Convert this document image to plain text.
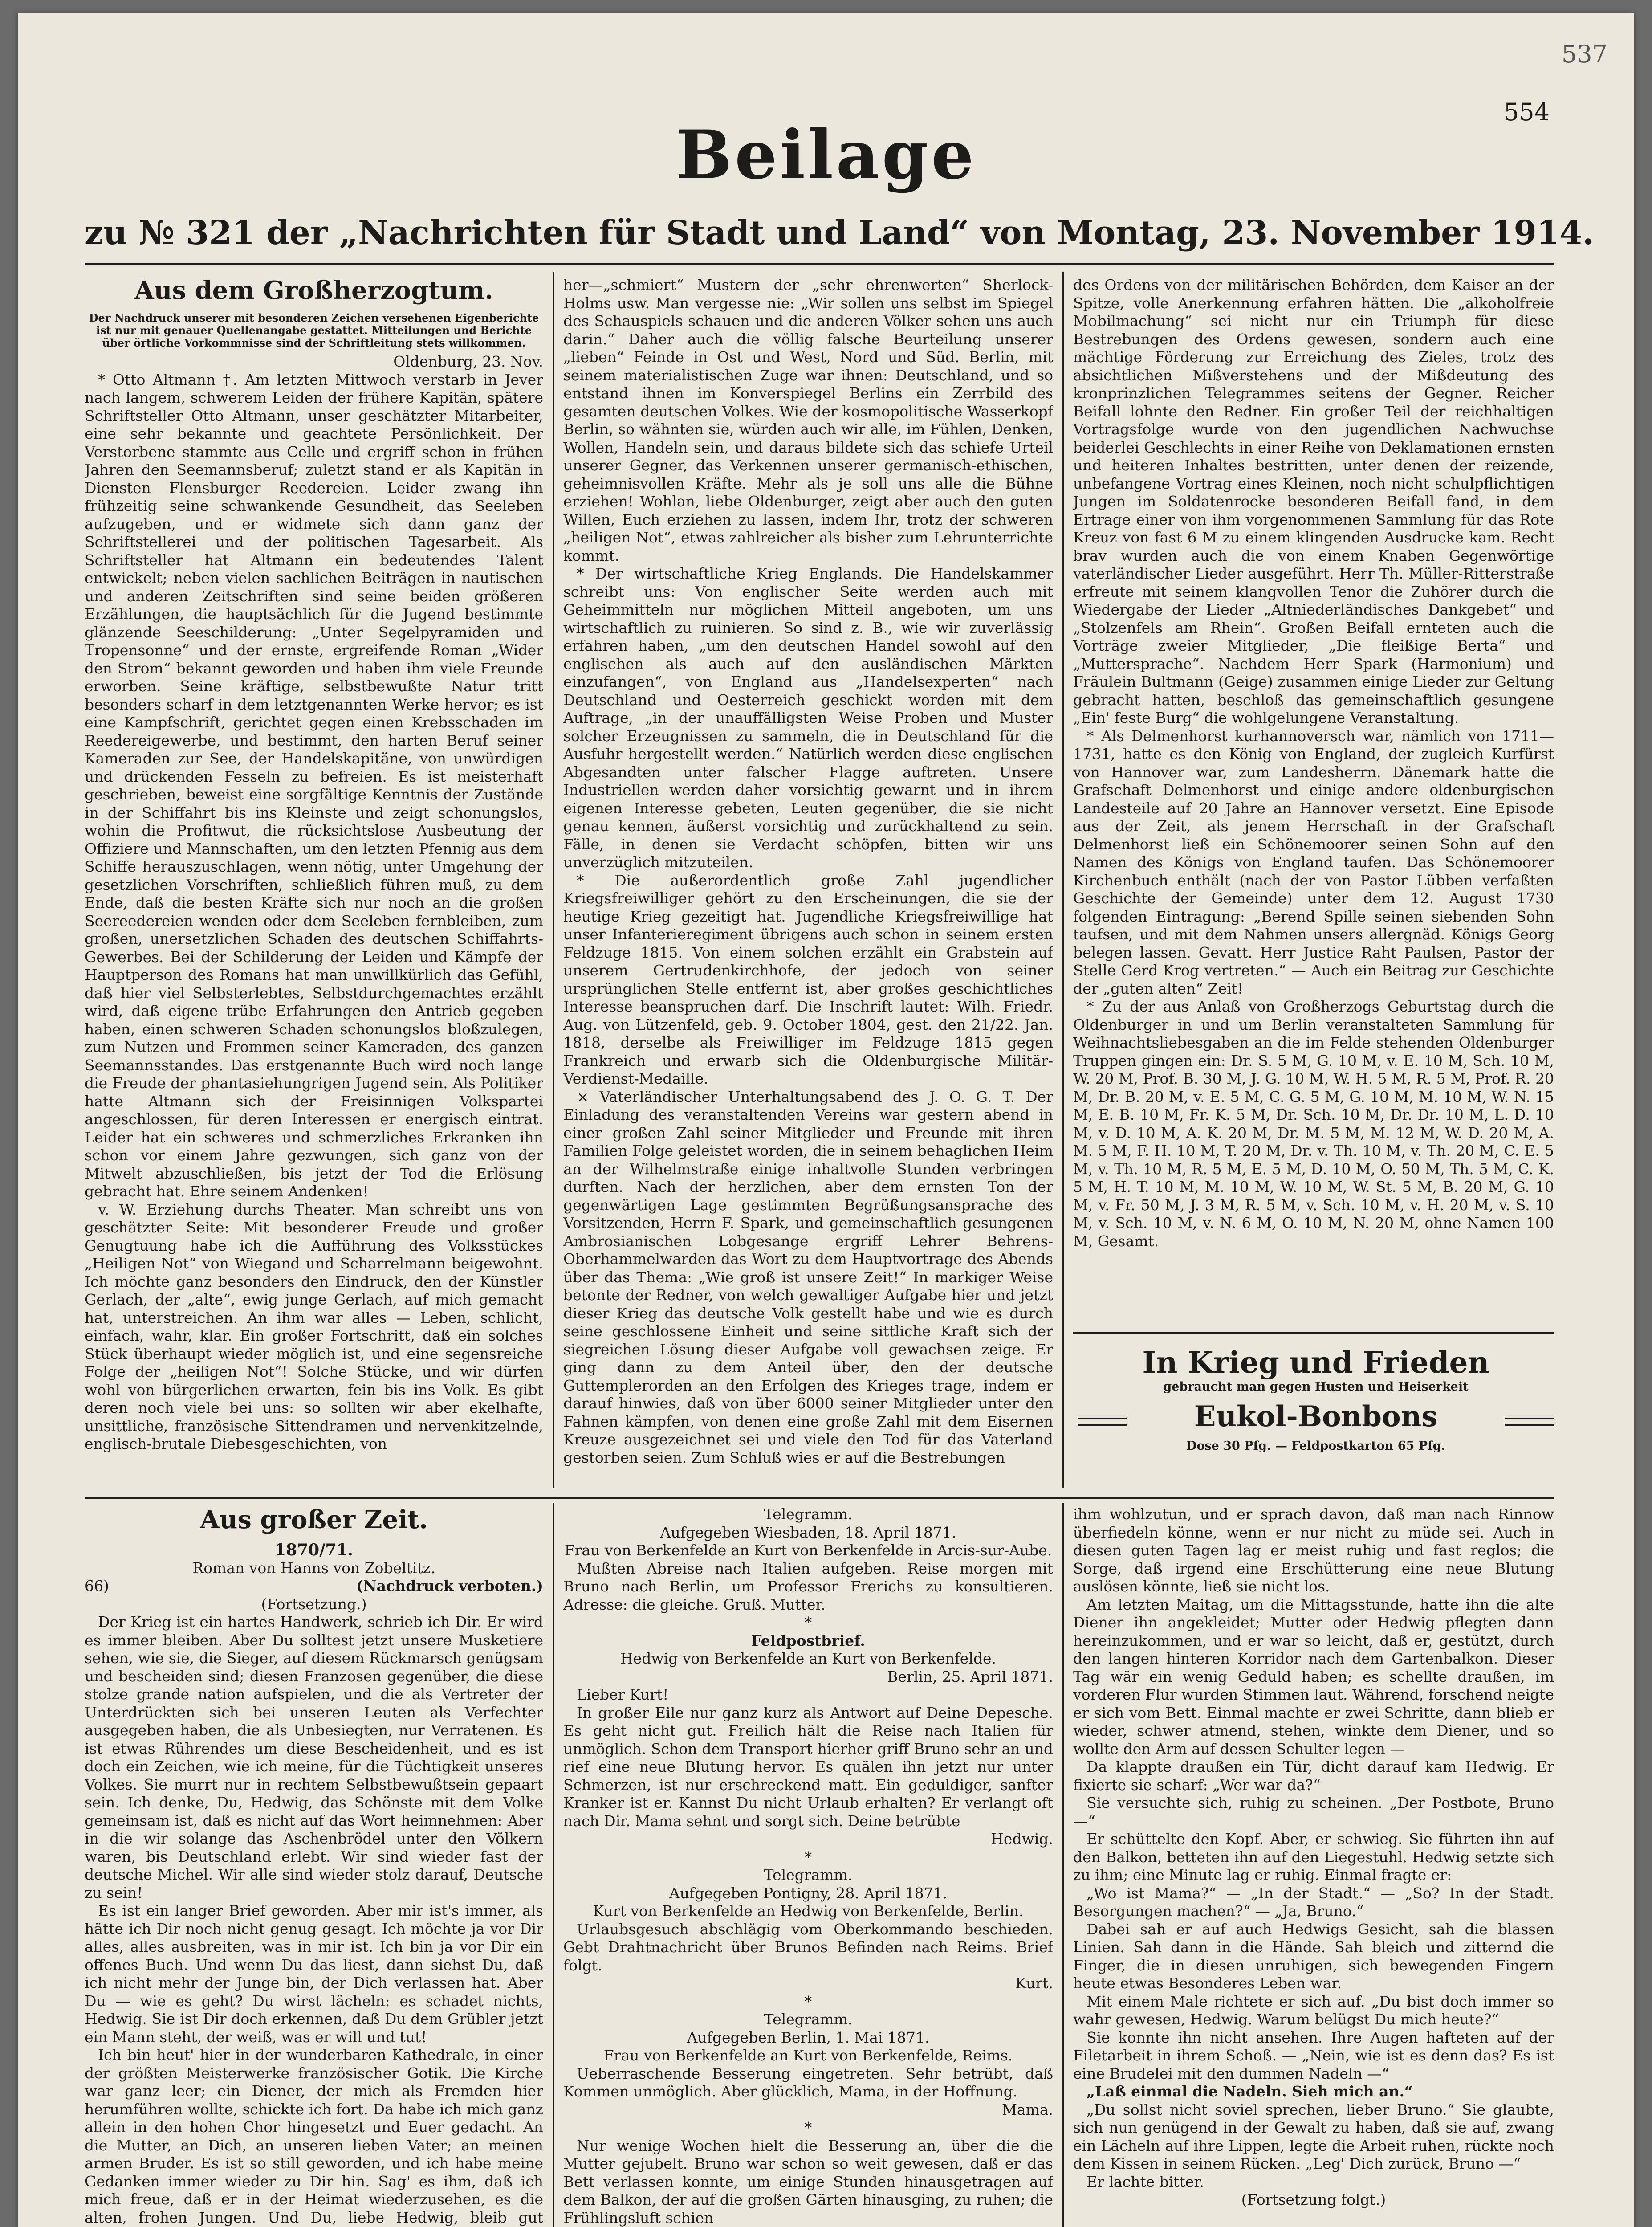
537
554
Beilage
zu № 321 der „Nachrichten für Stadt und Land“ von Montag, 23. November 1914.
Aus dem Großherzogtum.
Der Nachdruck unserer mit besonderen Zeichen versehenen Eigenberichte ist nur mit genauer Quellenangabe gestattet. Mitteilungen und Berichte über örtliche Vorkommnisse sind der Schriftleitung stets willkommen.
Oldenburg, 23. Nov.

* Otto Altmann †. Am letzten Mittwoch verstarb in Jever nach langem, schwerem Leiden der frühere Kapitän, spätere Schriftsteller Otto Altmann, unser geschätzter Mitarbeiter, eine sehr bekannte und geachtete Persönlichkeit. Der Verstorbene stammte aus Celle und ergriff schon in frühen Jahren den Seemannsberuf; zuletzt stand er als Kapitän in Diensten Flensburger Reedereien. Leider zwang ihn frühzeitig seine schwankende Gesundheit, das Seeleben aufzugeben, und er widmete sich dann ganz der Schriftstellerei und der politischen Tagesarbeit. Als Schriftsteller hat Altmann ein bedeutendes Talent entwickelt; neben vielen sachlichen Beiträgen in nautischen und anderen Zeitschriften sind seine beiden größeren Erzählungen, die hauptsächlich für die Jugend bestimmte glänzende Seeschilderung: „Unter Segelpyramiden und Tropensonne“ und der ernste, ergreifende Roman „Wider den Strom“ bekannt geworden und haben ihm viele Freunde erworben. Seine kräftige, selbstbewußte Natur tritt besonders scharf in dem letztgenannten Werke hervor; es ist eine Kampfschrift, gerichtet gegen einen Krebsschaden im Reedereigewerbe, und bestimmt, den harten Beruf seiner Kameraden zur See, der Handelskapitäne, von unwürdigen und drückenden Fesseln zu befreien. Es ist meisterhaft geschrieben, beweist eine sorgfältige Kenntnis der Zustände in der Schiffahrt bis ins Kleinste und zeigt schonungslos, wohin die Profitwut, die rücksichtslose Ausbeutung der Offiziere und Mannschaften, um den letzten Pfennig aus dem Schiffe herauszuschlagen, wenn nötig, unter Umgehung der gesetzlichen Vorschriften, schließlich führen muß, zu dem Ende, daß die besten Kräfte sich nur noch an die großen Seereedereien wenden oder dem Seeleben fernbleiben, zum großen, unersetzlichen Schaden des deutschen Schiffahrts-Gewerbes. Bei der Schilderung der Leiden und Kämpfe der Hauptperson des Romans hat man unwillkürlich das Gefühl, daß hier viel Selbsterlebtes, Selbstdurchgemachtes erzählt wird, daß eigene trübe Erfahrungen den Antrieb gegeben haben, einen schweren Schaden schonungslos bloßzulegen, zum Nutzen und Frommen seiner Kameraden, des ganzen Seemannsstandes. Das erstgenannte Buch wird noch lange die Freude der phantasiehungrigen Jugend sein. Als Politiker hatte Altmann sich der Freisinnigen Volkspartei angeschlossen, für deren Interessen er energisch eintrat. Leider hat ein schweres und schmerzliches Erkranken ihn schon vor einem Jahre gezwungen, sich ganz von der Mitwelt abzuschließen, bis jetzt der Tod die Erlösung gebracht hat. Ehre seinem Andenken!

v. W. Erziehung durchs Theater. Man schreibt uns von geschätzter Seite: Mit besonderer Freude und großer Genugtuung habe ich die Aufführung des Volksstückes „Heiligen Not“ von Wiegand und Scharrelmann beigewohnt. Ich möchte ganz besonders den Eindruck, den der Künstler Gerlach, der „alte“, ewig junge Gerlach, auf mich gemacht hat, unterstreichen. An ihm war alles — Leben, schlicht, einfach, wahr, klar. Ein großer Fortschritt, daß ein solches Stück überhaupt wieder möglich ist, und eine segensreiche Folge der „heiligen Not“! Solche Stücke, und wir dürfen wohl von bürgerlichen erwarten, fein bis ins Volk. Es gibt deren noch viele bei uns: so sollten wir aber ekelhafte, unsittliche, französische Sittendramen und nervenkitzelnde, englisch-brutale Diebesgeschichten, von

her—„schmiert“ Mustern der „sehr ehrenwerten“ Sherlock-Holms usw. Man vergesse nie: „Wir sollen uns selbst im Spiegel des Schauspiels schauen und die anderen Völker sehen uns auch darin.“ Daher auch die völlig falsche Beurteilung unserer „lieben“ Feinde in Ost und West, Nord und Süd. Berlin, mit seinem materialistischen Zuge war ihnen: Deutschland, und so entstand ihnen im Konverspiegel Berlins ein Zerrbild des gesamten deutschen Volkes. Wie der kosmopolitische Wasserkopf Berlin, so wähnten sie, würden auch wir alle, im Fühlen, Denken, Wollen, Handeln sein, und daraus bildete sich das schiefe Urteil unserer Gegner, das Verkennen unserer germanisch-ethischen, geheimnisvollen Kräfte. Mehr als je soll uns alle die Bühne erziehen! Wohlan, liebe Oldenburger, zeigt aber auch den guten Willen, Euch erziehen zu lassen, indem Ihr, trotz der schweren „heiligen Not“, etwas zahlreicher als bisher zum Lehrunterrichte kommt.

* Der wirtschaftliche Krieg Englands. Die Handelskammer schreibt uns: Von englischer Seite werden auch mit Geheimmitteln nur möglichen Mitteil angeboten, um uns wirtschaftlich zu ruinieren. So sind z. B., wie wir zuverlässig erfahren haben, „um den deutschen Handel sowohl auf den englischen als auch auf den ausländischen Märkten einzufangen“, von England aus „Handelsexperten“ nach Deutschland und Oesterreich geschickt worden mit dem Auftrage, „in der unauffälligsten Weise Proben und Muster solcher Erzeugnissen zu sammeln, die in Deutschland für die Ausfuhr hergestellt werden.“ Natürlich werden diese englischen Abgesandten unter falscher Flagge auftreten. Unsere Industriellen werden daher vorsichtig gewarnt und in ihrem eigenen Interesse gebeten, Leuten gegenüber, die sie nicht genau kennen, äußerst vorsichtig und zurückhaltend zu sein. Fälle, in denen sie Verdacht schöpfen, bitten wir uns unverzüglich mitzuteilen.

* Die außerordentlich große Zahl jugendlicher Kriegsfreiwilliger gehört zu den Erscheinungen, die sie der heutige Krieg gezeitigt hat. Jugendliche Kriegsfreiwillige hat unser Infanterieregiment übrigens auch schon in seinem ersten Feldzuge 1815. Von einem solchen erzählt ein Grabstein auf unserem Gertrudenkirchhofe, der jedoch von seiner ursprünglichen Stelle entfernt ist, aber großes geschichtliches Interesse beanspruchen darf. Die Inschrift lautet: Wilh. Friedr. Aug. von Lützenfeld, geb. 9. October 1804, gest. den 21/22. Jan. 1818, derselbe als Freiwilliger im Feldzuge 1815 gegen Frankreich und erwarb sich die Oldenburgische Militär-Verdienst-Medaille.

× Vaterländischer Unterhaltungsabend des J. O. G. T. Der Einladung des veranstaltenden Vereins war gestern abend in einer großen Zahl seiner Mitglieder und Freunde mit ihren Familien Folge geleistet worden, die in seinem behaglichen Heim an der Wilhelmstraße einige inhaltvolle Stunden verbringen durften. Nach der herzlichen, aber dem ernsten Ton der gegenwärtigen Lage gestimmten Begrüßungsansprache des Vorsitzenden, Herrn F. Spark, und gemeinschaftlich gesungenen Ambrosianischen Lobgesange ergriff Lehrer Behrens-Oberhammelwarden das Wort zu dem Hauptvortrage des Abends über das Thema: „Wie groß ist unsere Zeit!“ In markiger Weise betonte der Redner, von welch gewaltiger Aufgabe hier und jetzt dieser Krieg das deutsche Volk gestellt habe und wie es durch seine geschlossene Einheit und seine sittliche Kraft sich der siegreichen Lösung dieser Aufgabe voll gewachsen zeige. Er ging dann zu dem Anteil über, den der deutsche Guttemplerorden an den Erfolgen des Krieges trage, indem er darauf hinwies, daß von über 6000 seiner Mitglieder unter den Fahnen kämpfen, von denen eine große Zahl mit dem Eisernen Kreuze ausgezeichnet sei und viele den Tod für das Vaterland gestorben seien. Zum Schluß wies er auf die Bestrebungen

des Ordens von der militärischen Behörden, dem Kaiser an der Spitze, volle Anerkennung erfahren hätten. Die „alkoholfreie Mobilmachung“ sei nicht nur ein Triumph für diese Bestrebungen des Ordens gewesen, sondern auch eine mächtige Förderung zur Erreichung des Zieles, trotz des absichtlichen Mißverstehens und der Mißdeutung des kronprinzlichen Telegrammes seitens der Gegner. Reicher Beifall lohnte den Redner. Ein großer Teil der reichhaltigen Vortragsfolge wurde von den jugendlichen Nachwuchse beiderlei Geschlechts in einer Reihe von Deklamationen ernsten und heiteren Inhaltes bestritten, unter denen der reizende, unbefangene Vortrag eines Kleinen, noch nicht schulpflichtigen Jungen im Soldatenrocke besonderen Beifall fand, in dem Ertrage einer von ihm vorgenommenen Sammlung für das Rote Kreuz von fast 6 M zu einem klingenden Ausdrucke kam. Recht brav wurden auch die von einem Knaben Gegenwörtige vaterländischer Lieder ausgeführt. Herr Th. Müller-Ritterstraße erfreute mit seinem klangvollen Tenor die Zuhörer durch die Wiedergabe der Lieder „Altniederländisches Dankgebet“ und „Stolzenfels am Rhein“. Großen Beifall ernteten auch die Vorträge zweier Mitglieder, „Die fleißige Berta“ und „Muttersprache“. Nachdem Herr Spark (Harmonium) und Fräulein Bultmann (Geige) zusammen einige Lieder zur Geltung gebracht hatten, beschloß das gemeinschaftlich gesungene „Ein' feste Burg“ die wohlgelungene Veranstaltung.

* Als Delmenhorst kurhannoversch war, nämlich von 1711—1731, hatte es den König von England, der zugleich Kurfürst von Hannover war, zum Landesherrn. Dänemark hatte die Grafschaft Delmenhorst und einige andere oldenburgischen Landesteile auf 20 Jahre an Hannover versetzt. Eine Episode aus der Zeit, als jenem Herrschaft in der Grafschaft Delmenhorst ließ ein Schönemoorer seinen Sohn auf den Namen des Königs von England taufen. Das Schönemoorer Kirchenbuch enthält (nach der von Pastor Lübben verfaßten Geschichte der Gemeinde) unter dem 12. August 1730 folgenden Eintragung: „Berend Spille seinen siebenden Sohn taufsen, und mit dem Nahmen unsers allergnäd. Königs Georg belegen lassen. Gevatt. Herr Justice Raht Paulsen, Pastor der Stelle Gerd Krog vertreten.“ — Auch ein Beitrag zur Geschichte der „guten alten“ Zeit!

* Zu der aus Anlaß von Großherzogs Geburtstag durch die Oldenburger in und um Berlin veranstalteten Sammlung für Weihnachtsliebesgaben an die im Felde stehenden Oldenburger Truppen gingen ein: Dr. S. 5 M, G. 10 M, v. E. 10 M, Sch. 10 M, W. 20 M, Prof. B. 30 M, J. G. 10 M, W. H. 5 M, R. 5 M, Prof. R. 20 M, Dr. B. 20 M, v. E. 5 M, C. G. 5 M, G. 10 M, M. 10 M, W. N. 15 M, E. B. 10 M, Fr. K. 5 M, Dr. Sch. 10 M, Dr. Dr. 10 M, L. D. 10 M, v. D. 10 M, A. K. 20 M, Dr. M. 5 M, M. 12 M, W. D. 20 M, A. M. 5 M, F. H. 10 M, T. 20 M, Dr. v. Th. 10 M, v. Th. 20 M, C. E. 5 M, v. Th. 10 M, R. 5 M, E. 5 M, D. 10 M, O. 50 M, Th. 5 M, C. K. 5 M, H. T. 10 M, M. 10 M, W. 10 M, W. St. 5 M, B. 20 M, G. 10 M, v. Fr. 50 M, J. 3 M, R. 5 M, v. Sch. 10 M, v. H. 20 M, v. S. 10 M, v. Sch. 10 M, v. N. 6 M, O. 10 M, N. 20 M, ohne Namen 100 M, Gesamt.

In Krieg und Frieden
gebraucht man gegen Husten und Heiserkeit
Eukol-Bonbons
Dose 30 Pfg. — Feldpostkarton 65 Pfg.
Aus großer Zeit.
1870/71.

Roman von Hanns von Zobeltitz.

66)	(Nachdruck verboten.)

(Fortsetzung.)

Der Krieg ist ein hartes Handwerk, schrieb ich Dir. Er wird es immer bleiben. Aber Du solltest jetzt unsere Musketiere sehen, wie sie, die Sieger, auf diesem Rückmarsch genügsam und bescheiden sind; diesen Franzosen gegenüber, die diese stolze grande nation aufspielen, und die als Vertreter der Unterdrückten sich bei unseren Leuten als Verfechter ausgegeben haben, die als Unbesiegten, nur Verratenen. Es ist etwas Rührendes um diese Bescheidenheit, und es ist doch ein Zeichen, wie ich meine, für die Tüchtigkeit unseres Volkes. Sie murrt nur in rechtem Selbstbewußtsein gepaart sein. Ich denke, Du, Hedwig, das Schönste mit dem Volke gemeinsam ist, daß es nicht auf das Wort heimnehmen: Aber in die wir solange das Aschenbrödel unter den Völkern waren, bis Deutschland erlebt. Wir sind wieder fast der deutsche Michel. Wir alle sind wieder stolz darauf, Deutsche zu sein!

Es ist ein langer Brief geworden. Aber mir ist's immer, als hätte ich Dir noch nicht genug gesagt. Ich möchte ja vor Dir alles, alles ausbreiten, was in mir ist. Ich bin ja vor Dir ein offenes Buch. Und wenn Du das liest, dann siehst Du, daß ich nicht mehr der Junge bin, der Dich verlassen hat. Aber Du — wie es geht? Du wirst lächeln: es schadet nichts, Hedwig. Sie ist Dir doch erkennen, daß Du dem Grübler jetzt ein Mann steht, der weiß, was er will und tut!

Ich bin heut' hier in der wunderbaren Kathedrale, in einer der größten Meisterwerke französischer Gotik. Die Kirche war ganz leer; ein Diener, der mich als Fremden hier herumführen wollte, schickte ich fort. Da habe ich mich ganz allein in den hohen Chor hingesetzt und Euer gedacht. An die Mutter, an Dich, an unseren lieben Vater; an meinen armen Bruder. Es ist so still geworden, und ich habe meine Gedanken immer wieder zu Dir hin. Sag' es ihm, daß ich mich freue, daß er in der Heimat wiederzusehen, es die alten, frohen Jungen. Und Du, liebe Hedwig, bleib gut

Telegramm.

Aufgegeben Wiesbaden, 18. April 1871.

Frau von Berkenfelde an Kurt von Berkenfelde in Arcis-sur-Aube.

Mußten Abreise nach Italien aufgeben. Reise morgen mit Bruno nach Berlin, um Professor Frerichs zu konsultieren. Adresse: die gleiche. Gruß. Mutter.

*

Feldpostbrief.

Hedwig von Berkenfelde an Kurt von Berkenfelde.

Berlin, 25. April 1871.

Lieber Kurt!

In großer Eile nur ganz kurz als Antwort auf Deine Depesche. Es geht nicht gut. Freilich hält die Reise nach Italien für unmöglich. Schon dem Transport hierher griff Bruno sehr an und rief eine neue Blutung hervor. Es quälen ihn jetzt nur unter Schmerzen, ist nur erschreckend matt. Ein geduldiger, sanfter Kranker ist er. Kannst Du nicht Urlaub erhalten? Er verlangt oft nach Dir. Mama sehnt und sorgt sich. Deine betrübte

Hedwig.

*

Telegramm.

Aufgegeben Pontigny, 28. April 1871.

Kurt von Berkenfelde an Hedwig von Berkenfelde, Berlin.

Urlaubsgesuch abschlägig vom Oberkommando beschieden. Gebt Drahtnachricht über Brunos Befinden nach Reims. Brief folgt.

Kurt.

*

Telegramm.

Aufgegeben Berlin, 1. Mai 1871.

Frau von Berkenfelde an Kurt von Berkenfelde, Reims.

Ueberraschende Besserung eingetreten. Sehr betrübt, daß Kommen unmöglich. Aber glücklich, Mama, in der Hoffnung.

Mama.

*

Nur wenige Wochen hielt die Besserung an, über die die Mutter gejubelt. Bruno war schon so weit gewesen, daß er das Bett verlassen konnte, um einige Stunden hinausgetragen auf dem Balkon, der auf die großen Gärten hinausging, zu ruhen; die Frühlingsluft schien

ihm wohlzutun, und er sprach davon, daß man nach Rinnow überfiedeln könne, wenn er nur nicht zu müde sei. Auch in diesen guten Tagen lag er meist ruhig und fast reglos; die Sorge, daß irgend eine Erschütterung eine neue Blutung auslösen könnte, ließ sie nicht los.

Am letzten Maitag, um die Mittagsstunde, hatte ihn die alte Diener ihn angekleidet; Mutter oder Hedwig pflegten dann hereinzukommen, und er war so leicht, daß er, gestützt, durch den langen hinteren Korridor nach dem Gartenbalkon. Dieser Tag wär ein wenig Geduld haben; es schellte draußen, im vorderen Flur wurden Stimmen laut. Während, forschend neigte er sich vom Bett. Einmal machte er zwei Schritte, dann blieb er wieder, schwer atmend, stehen, winkte dem Diener, und so wollte den Arm auf dessen Schulter legen —

Da klappte draußen ein Tür, dicht darauf kam Hedwig. Er fixierte sie scharf: „Wer war da?“

Sie versuchte sich, ruhig zu scheinen. „Der Postbote, Bruno —“

Er schüttelte den Kopf. Aber, er schwieg. Sie führten ihn auf den Balkon, betteten ihn auf den Liegestuhl. Hedwig setzte sich zu ihm; eine Minute lag er ruhig. Einmal fragte er:

„Wo ist Mama?“ — „In der Stadt.“ — „So? In der Stadt. Besorgungen machen?“ — „Ja, Bruno.“

Dabei sah er auf auch Hedwigs Gesicht, sah die blassen Linien. Sah dann in die Hände. Sah bleich und zitternd die Finger, die in diesen unruhigen, sich bewegenden Fingern heute etwas Besonderes Leben war.

Mit einem Male richtete er sich auf. „Du bist doch immer so wahr gewesen, Hedwig. Warum belügst Du mich heute?“

Sie konnte ihn nicht ansehen. Ihre Augen hafteten auf der Filetarbeit in ihrem Schoß. — „Nein, wie ist es denn das? Es ist eine Brudelei mit den dummen Nadeln —“

„Laß einmal die Nadeln. Sieh mich an.“

„Du sollst nicht soviel sprechen, lieber Bruno.“ Sie glaubte, sich nun genügend in der Gewalt zu haben, daß sie auf, zwang ein Lächeln auf ihre Lippen, legte die Arbeit ruhen, rückte noch dem Kissen in seinem Rücken. „Leg' Dich zurück, Bruno —“

Er lachte bitter.

(Fortsetzung folgt.)
